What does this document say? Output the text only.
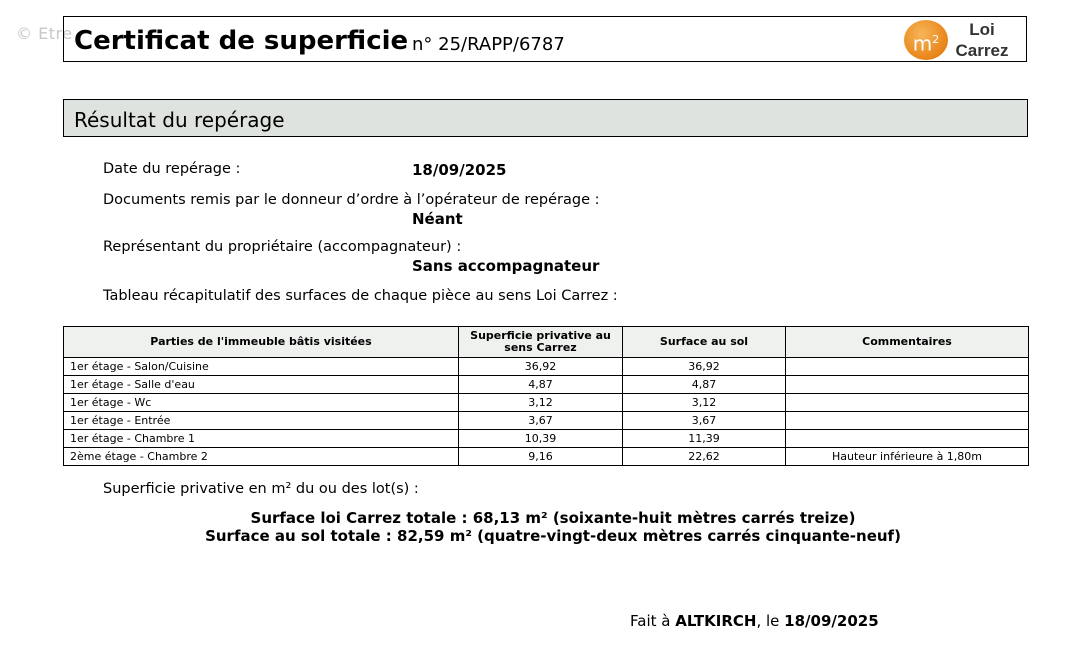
© Etre Certificat de superficie n° 25/RAPP/6787	$m^2$
Loi
Carrez
Résultat du repérage
Date du repérage :	18/09/2025
Documents remis par le donneur d’ordre à l’opérateur de repérage :
Néant
Représentant du propriétaire (accompagnateur) :
Sans accompagnateur
Tableau récapitulatif des surfaces de chaque pièce au sens Loi Carrez :
Parties de l'immeuble bâtis visitées	Superficie privative au sens Carrez	Surface au sol	Commentaires
1er étage - Salon/Cuisine	36,92	36,92	
1er étage - Salle d'eau	4,87	4,87	
1er étage - Wc	3,12	3,12	
1er étage - Entrée	3,67	3,67	
1er étage - Chambre 1	10,39	11,39	
2ème étage - Chambre 2	9,16	22,62	Hauteur inférieure à 1,80m
Superficie privative en m² du ou des lot(s) :
Surface loi Carrez totale : 68,13 m² (soixante-huit mètres carrés treize)
Surface au sol totale : 82,59 m² (quatre-vingt-deux mètres carrés cinquante-neuf)
Fait à ALTKIRCH, le 18/09/2025
